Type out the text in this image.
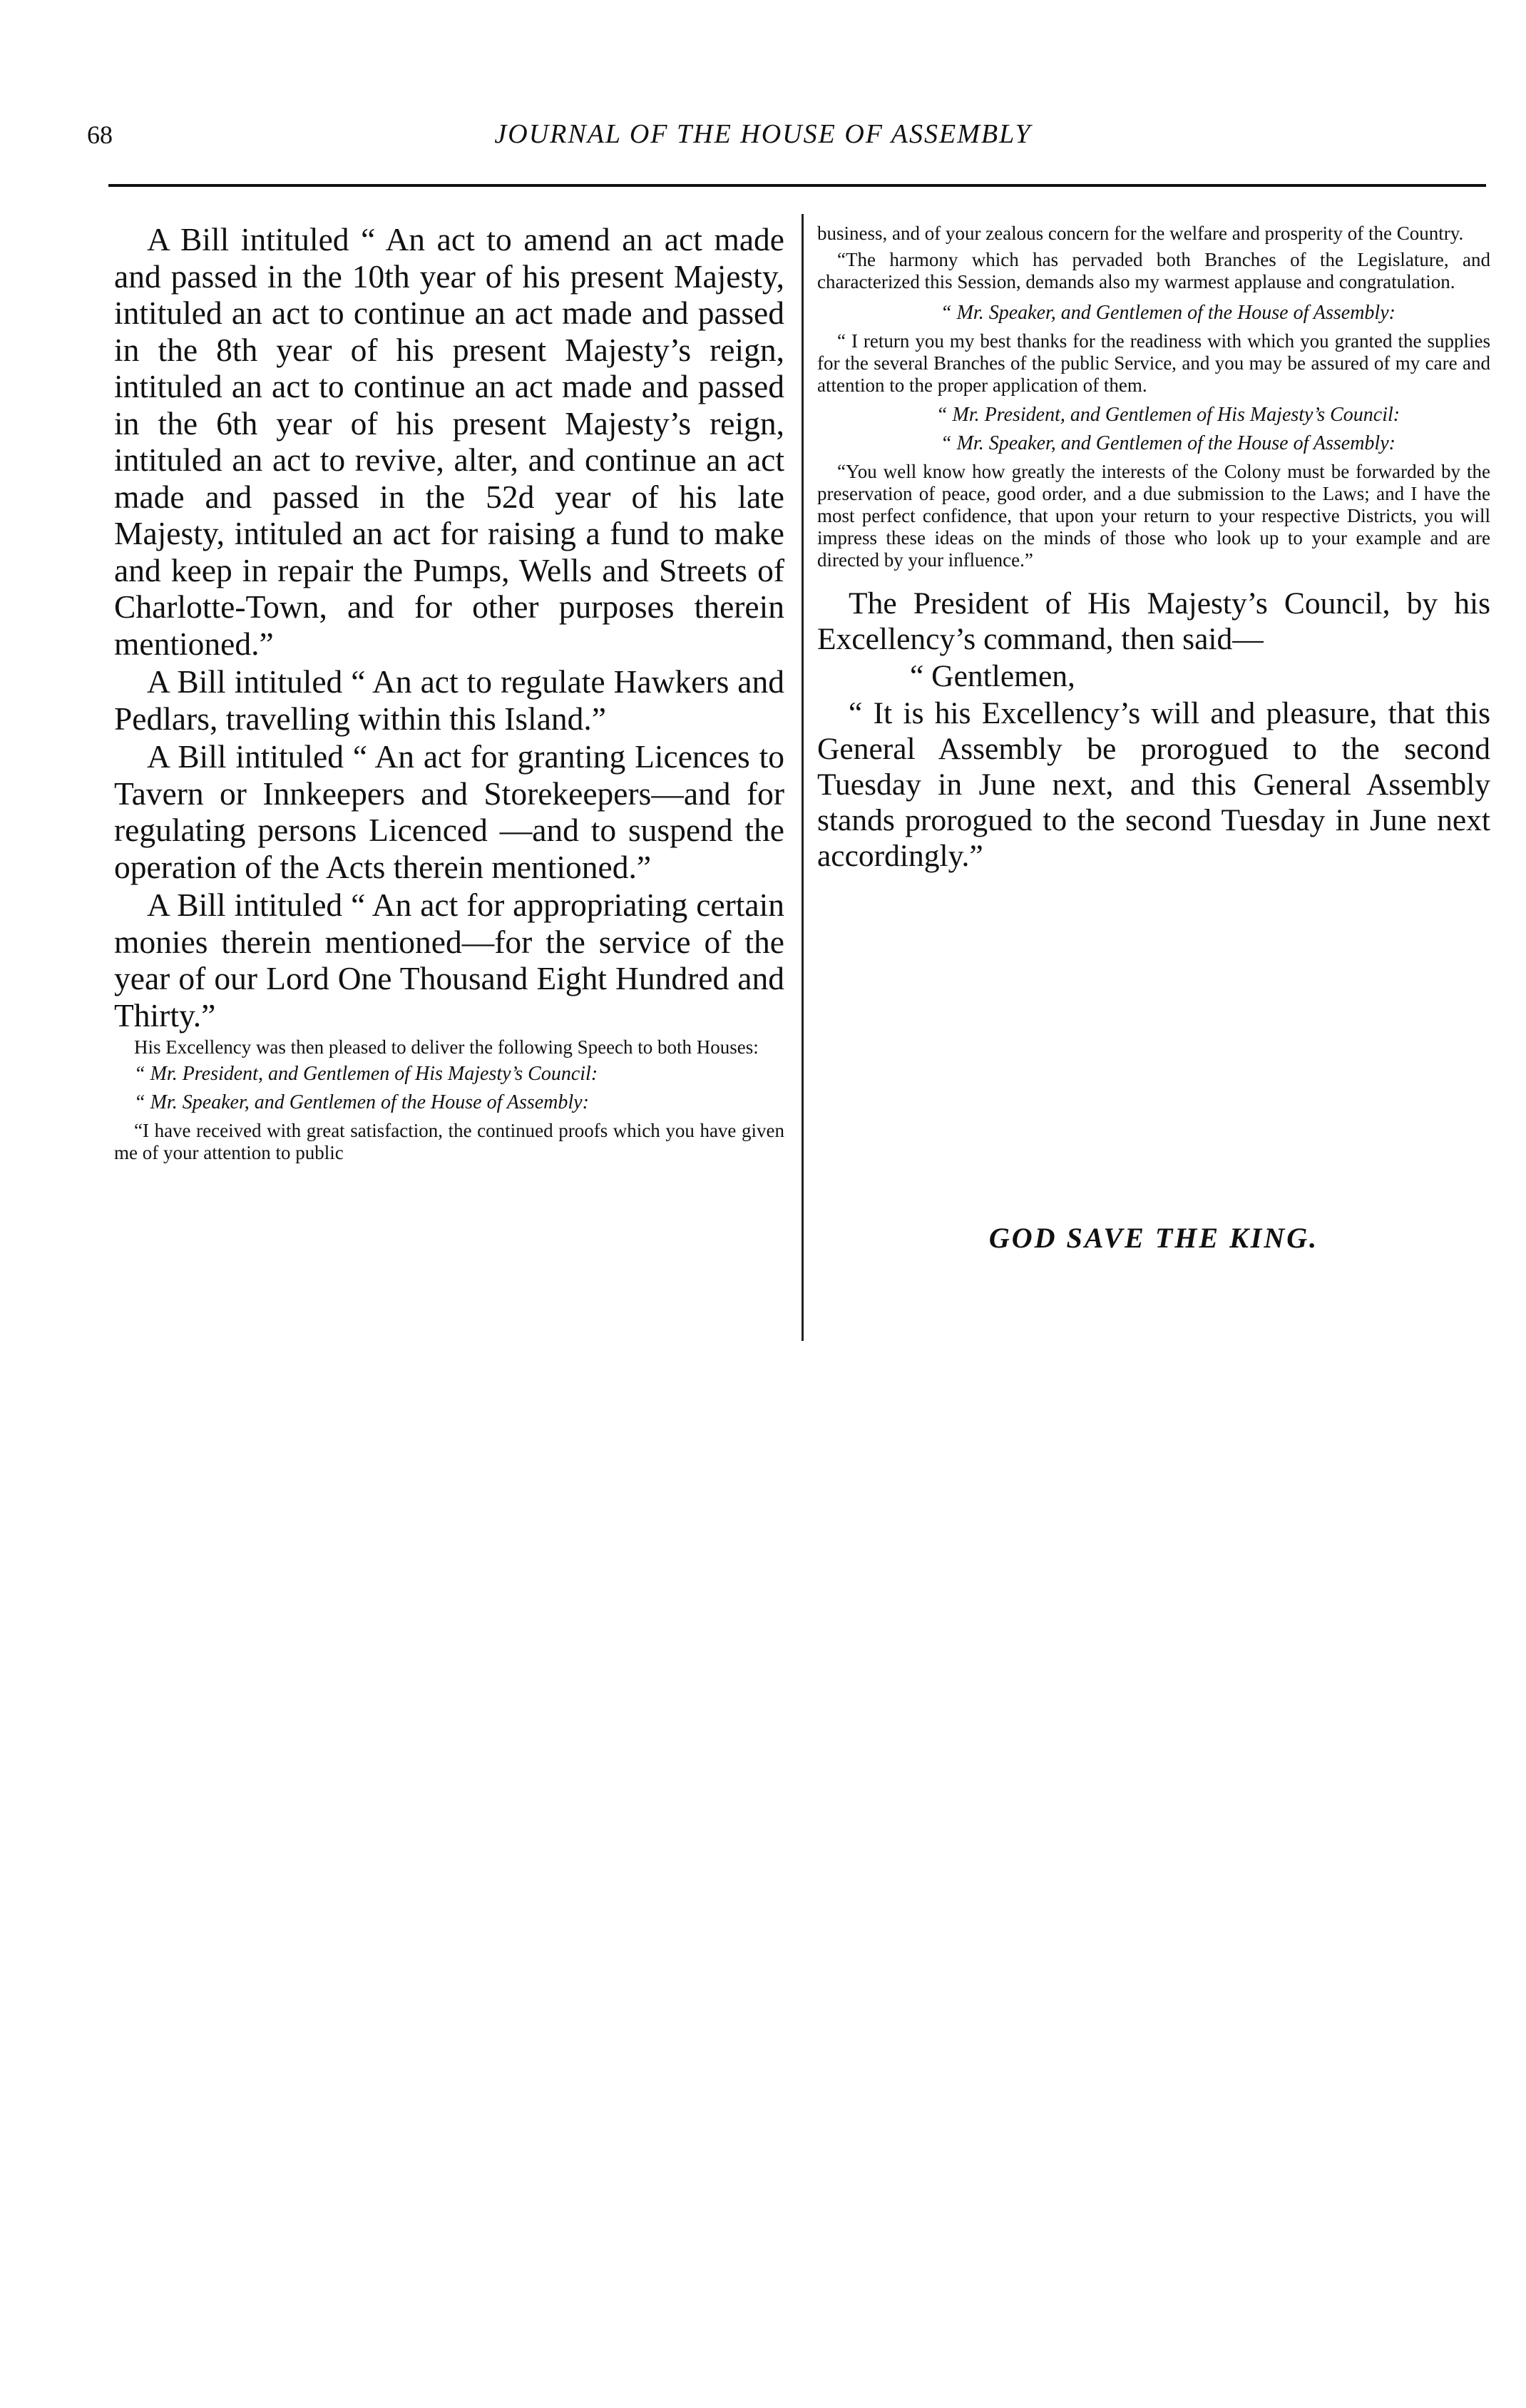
68	JOURNAL OF THE HOUSE OF ASSEMBLY

A Bill intituled “ An act to amend an act made and passed in the 10th year of his present Majesty, intituled an act to continue an act made and passed in the 8th year of his present Majesty’s reign, intituled an act to continue an act made and passed in the 6th year of his present Majesty’s reign, intituled an act to revive, alter, and continue an act made and passed in the 52d year of his late Majesty, intituled an act for raising a fund to make and keep in repair the Pumps, Wells and Streets of Charlotte-Town, and for other purposes therein mentioned.”

A Bill intituled “ An act to regulate Hawkers and Pedlars, travelling within this Island.”

A Bill intituled “ An act for granting Licences to Tavern or Innkeepers and Storekeepers—and for regulating persons Licenced —and to suspend the operation of the Acts therein mentioned.”

A Bill intituled “ An act for appropriating certain monies therein mentioned—for the service of the year of our Lord One Thousand Eight Hundred and Thirty.”

His Excellency was then pleased to deliver the following Speech to both Houses:

“ Mr. President, and Gentlemen of His Majesty’s Council:

“ Mr. Speaker, and Gentlemen of the House of Assembly:

“I have received with great satisfaction, the continued proofs which you have given me of your attention to public

business, and of your zealous concern for the welfare and prosperity of the Country.

“The harmony which has pervaded both Branches of the Legislature, and characterized this Session, demands also my warmest applause and congratulation.

“ Mr. Speaker, and Gentlemen of the House of Assembly:

“ I return you my best thanks for the readiness with which you granted the supplies for the several Branches of the public Service, and you may be assured of my care and attention to the proper application of them.

“ Mr. President, and Gentlemen of His Majesty’s Council:

“ Mr. Speaker, and Gentlemen of the House of Assembly:

“You well know how greatly the interests of the Colony must be forwarded by the preservation of peace, good order, and a due submission to the Laws; and I have the most perfect confidence, that upon your return to your respective Districts, you will impress these ideas on the minds of those who look up to your example and are directed by your influence.”

The President of His Majesty’s Council, by his Excellency’s command, then said—

“ Gentlemen,

“ It is his Excellency’s will and pleasure, that this General Assembly be prorogued to the second Tuesday in June next, and this General Assembly stands prorogued to the second Tuesday in June next accordingly.”

GOD SAVE THE KING.
